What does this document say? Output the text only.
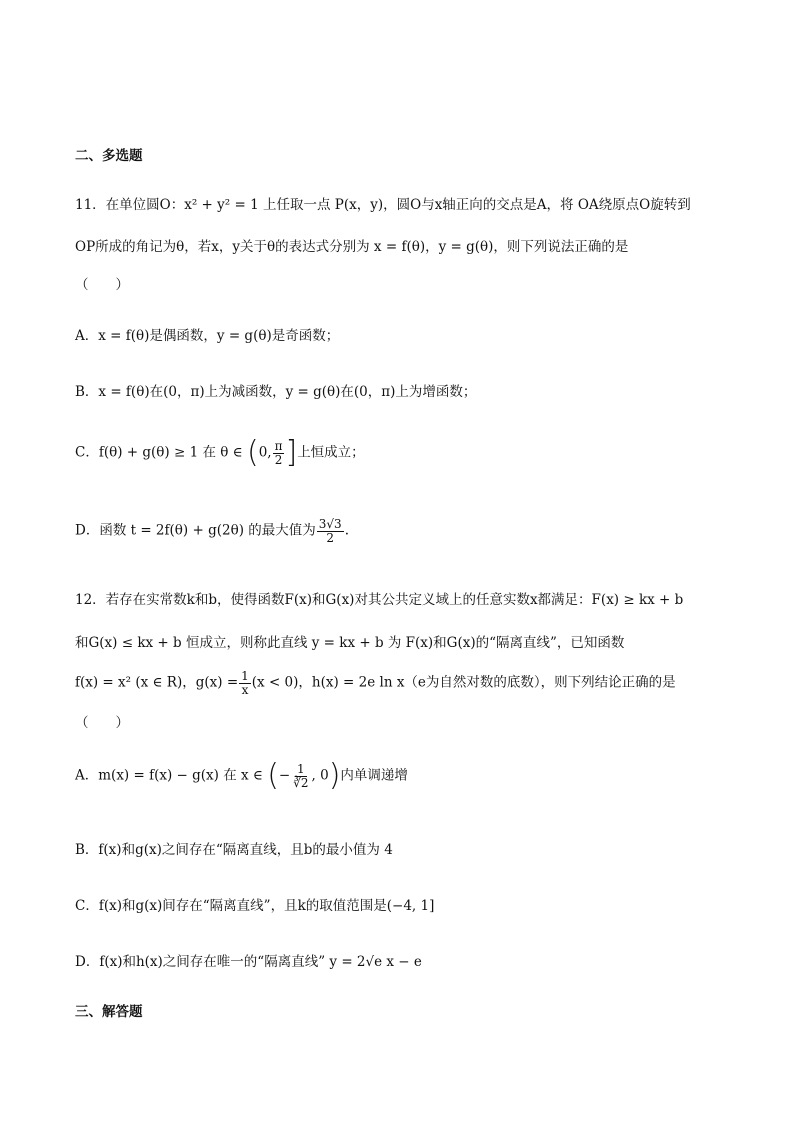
二、多选题
11．在单位圆O：x² + y² = 1 上任取一点 P(x，y)，圆O与x轴正向的交点是A，将 OA绕原点O旋转到
OP所成的角记为θ，若x，y关于θ的表达式分别为 x = f(θ)，y = g(θ)，则下列说法正确的是
（　　）
A．x = f(θ)是偶函数，y = g(θ)是奇函数；
B．x = f(θ)在(0，π)上为减函数，y = g(θ)在(0，π)上为增函数；
C．f(θ) + g(θ) ≥ 1 在 θ ∈ (0, $\frac{\pi}{2}$ ]上恒成立；
D．函数 t = 2f(θ) + g(2θ) 的最大值为 $\frac{3√3}{2}$ .
12．若存在实常数k和b，使得函数F(x)和G(x)对其公共定义域上的任意实数x都满足：F(x) ≥ kx + b
和G(x) ≤ kx + b 恒成立，则称此直线 y = kx + b 为 F(x)和G(x)的“隔离直线”，已知函数
f(x) = x² (x ∈ R)，$g(x) = \frac{1}{x} (x < 0)$，h(x) = 2e ln x（e为自然对数的底数），则下列结论正确的是
（　　）
A．m(x) = f(x) − g(x) 在 x ∈ (− $\frac{1}{∛2}$ , 0)内单调递增
B．f(x)和g(x)之间存在“隔离直线，且b的最小值为 4
C．f(x)和g(x)间存在“隔离直线”，且k的取值范围是(−4, 1]
D．f(x)和h(x)之间存在唯一的“隔离直线” y = 2√e x − e
三、解答题
